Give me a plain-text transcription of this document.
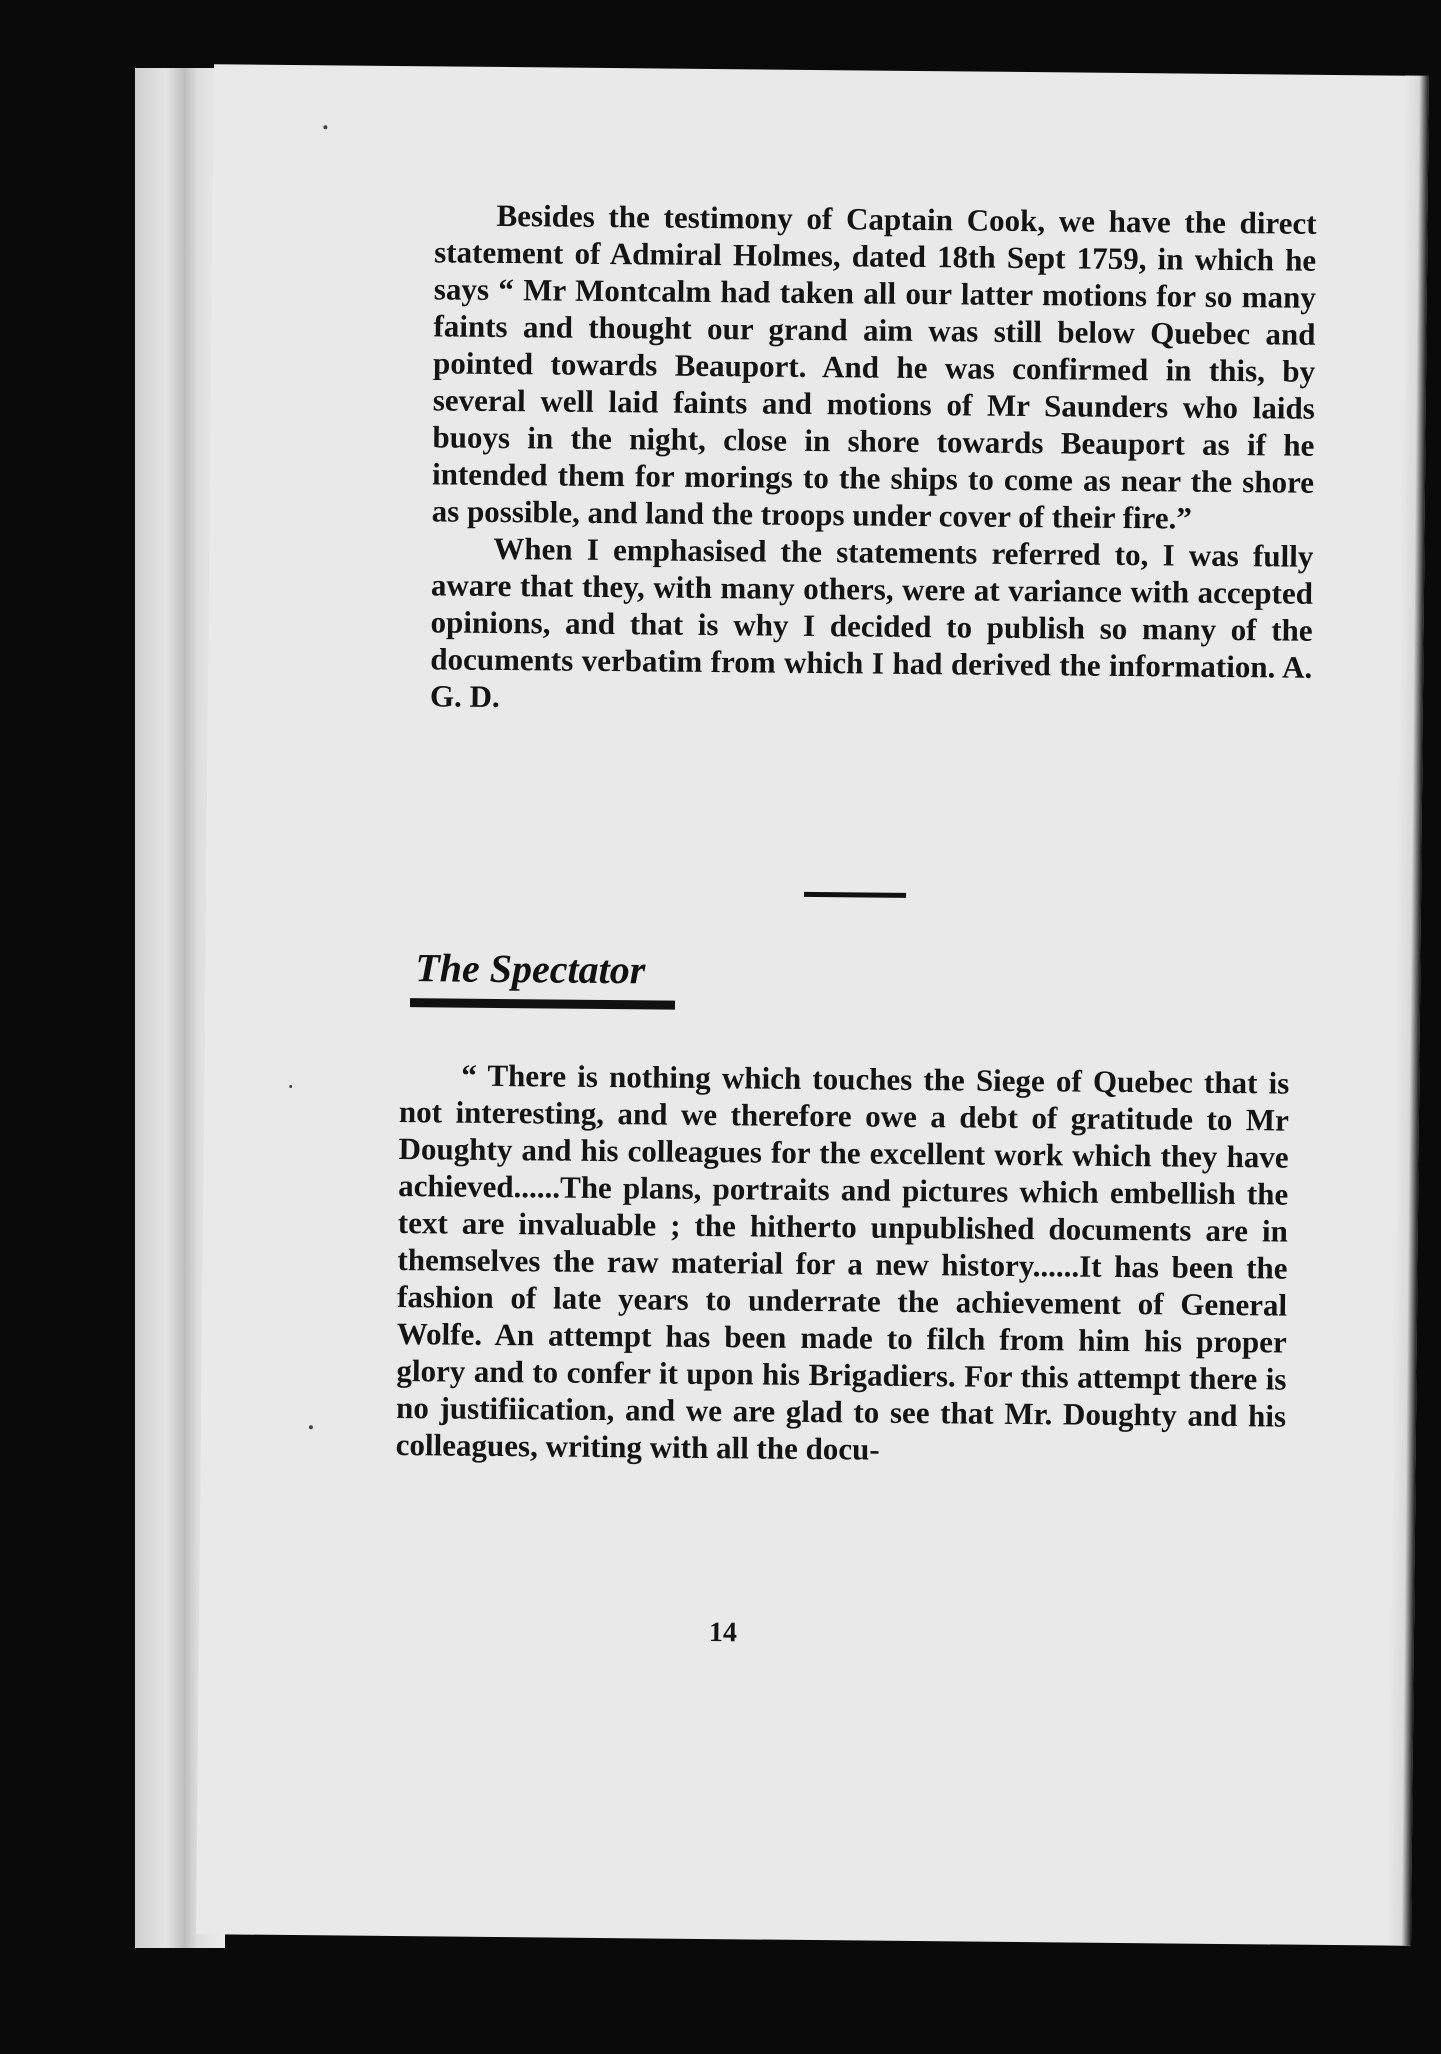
Besides the testimony of Captain Cook, we have the direct statement of Admiral Holmes, dated 18th Sept 1759, in which he says “ Mr Montcalm had taken all our latter motions for so many faints and thought our grand aim was still below Quebec and pointed towards Beauport. And he was confirmed in this, by several well laid faints and motions of Mr Saunders who laids buoys in the night, close in shore towards Beauport as if he intended them for morings to the ships to come as near the shore as possible, and land the troops under cover of their fire.”

When I emphasised the statements referred to, I was fully aware that they, with many others, were at variance with accepted opinions, and that is why I decided to publish so many of the documents verbatim from which I had derived the information. A. G. D.

The Spectator

“ There is nothing which touches the Siege of Quebec that is not interesting, and we therefore owe a debt of gratitude to Mr Doughty and his colleagues for the excellent work which they have achieved......The plans, portraits and pictures which embellish the text are invaluable ; the hitherto unpublished documents are in themselves the raw material for a new history......It has been the fashion of late years to underrate the achievement of General Wolfe. An attempt has been made to filch from him his proper glory and to confer it upon his Brigadiers. For this attempt there is no justifiication, and we are glad to see that Mr. Doughty and his colleagues, writing with all the docu-

14
